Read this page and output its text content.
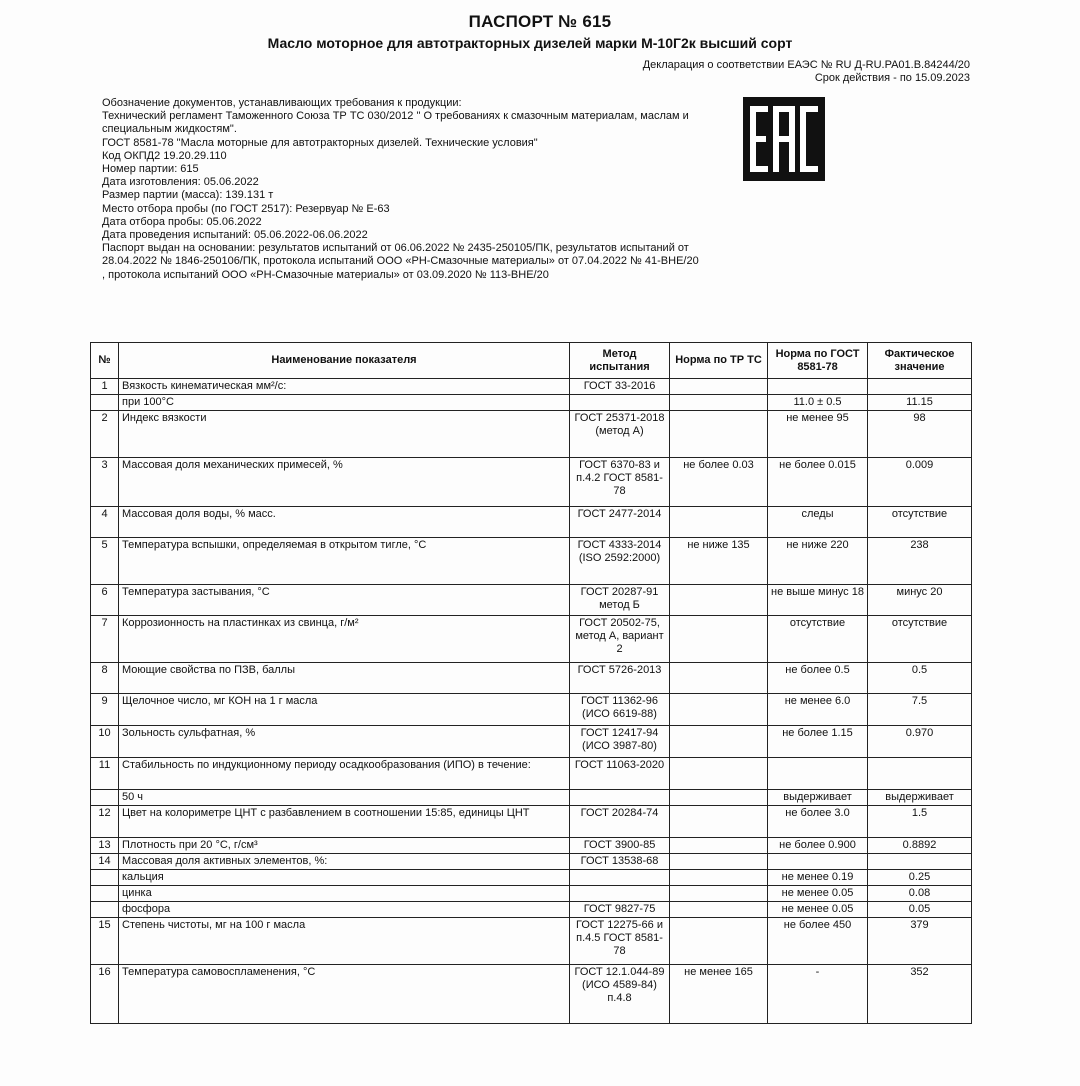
ПАСПОРТ № 615
Масло моторное для автотракторных дизелей марки М-10Г2к высший сорт
Декларация о соответствии ЕАЭС № RU Д-RU.PA01.B.84244/20
Срок действия - по 15.09.2023
Обозначение документов, устанавливающих требования к продукции:
Технический регламент Таможенного Союза ТР ТС 030/2012 " О требованиях к смазочным материалам, маслам и
специальным жидкостям".
ГОСТ 8581-78 "Масла моторные для автотракторных дизелей. Технические условия"
Код ОКПД2 19.20.29.110
Номер партии: 615
Дата изготовления: 05.06.2022
Размер партии (масса): 139.131 т
Место отбора пробы (по ГОСТ 2517): Резервуар № Е-63
Дата отбора пробы: 05.06.2022
Дата проведения испытаний: 05.06.2022-06.06.2022
Паспорт выдан на основании: результатов испытаний от 06.06.2022 № 2435-250105/ПК, результатов испытаний от
28.04.2022 № 1846-250106/ПК, протокола испытаний ООО «РН-Смазочные материалы» от 07.04.2022 № 41-ВНЕ/20
, протокола испытаний ООО «РН-Смазочные материалы» от 03.09.2020 № 113-ВНЕ/20
№	Наименование показателя	Метод испытания	Норма по ТР ТС	Норма по ГОСТ 8581-78	Фактическое значение
1	Вязкость кинематическая мм²/с:	ГОСТ 33-2016			
	при 100°С			11.0 ± 0.5	11.15
2	Индекс вязкости	ГОСТ 25371-2018 (метод А)		не менее 95	98
3	Массовая доля механических примесей, %	ГОСТ 6370-83 и п.4.2 ГОСТ 8581-78	не более 0.03	не более 0.015	0.009
4	Массовая доля воды, % масс.	ГОСТ 2477-2014		следы	отсутствие
5	Температура вспышки, определяемая в открытом тигле, °С	ГОСТ 4333-2014 (ISO 2592:2000)	не ниже 135	не ниже 220	238
6	Температура застывания, °С	ГОСТ 20287-91 метод Б		не выше минус 18	минус 20
7	Коррозионность на пластинках из свинца, г/м²	ГОСТ 20502-75, метод А, вариант 2		отсутствие	отсутствие
8	Моющие свойства по ПЗВ, баллы	ГОСТ 5726-2013		не более 0.5	0.5
9	Щелочное число, мг КОН на 1 г масла	ГОСТ 11362-96 (ИСО 6619-88)		не менее 6.0	7.5
10	Зольность сульфатная, %	ГОСТ 12417-94 (ИСО 3987-80)		не более 1.15	0.970
11	Стабильность по индукционному периоду осадкообразования (ИПО) в течение:	ГОСТ 11063-2020			
	50 ч			выдерживает	выдерживает
12	Цвет на колориметре ЦНТ с разбавлением в соотношении 15:85, единицы ЦНТ	ГОСТ 20284-74		не более 3.0	1.5
13	Плотность при 20 °С, г/см³	ГОСТ 3900-85		не более 0.900	0.8892
14	Массовая доля активных элементов, %:	ГОСТ 13538-68			
	кальция			не менее 0.19	0.25
	цинка			не менее 0.05	0.08
	фосфора	ГОСТ 9827-75		не менее 0.05	0.05
15	Степень чистоты, мг на 100 г масла	ГОСТ 12275-66 и п.4.5 ГОСТ 8581-78		не более 450	379
16	Температура самовоспламенения, °С	ГОСТ 12.1.044-89 (ИСО 4589-84) п.4.8	не менее 165	-	352
